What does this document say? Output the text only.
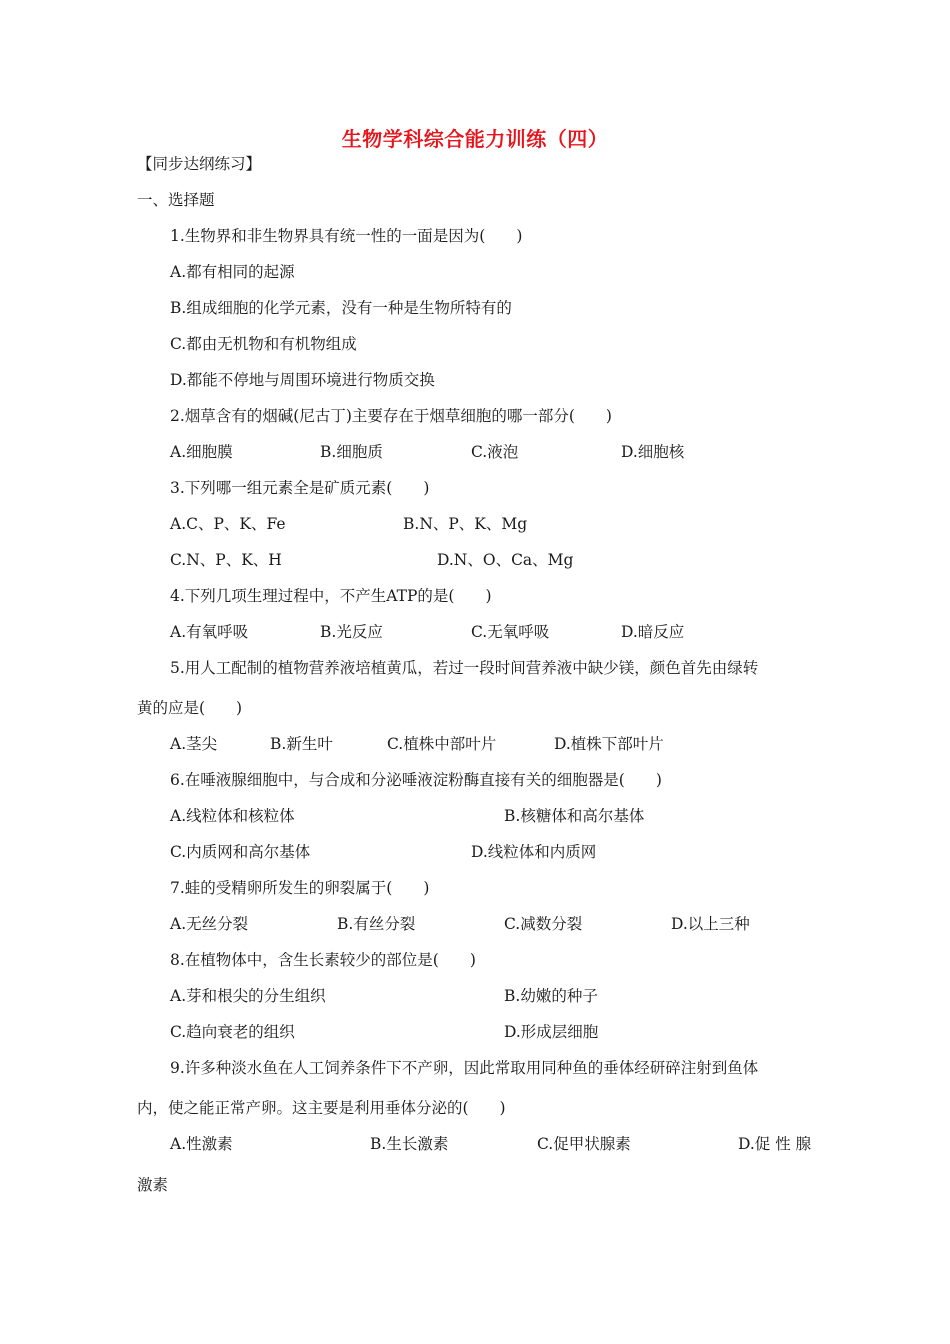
生物学科综合能力训练（四）
【同步达纲练习】
一、选择题
1.生物界和非生物界具有统一性的一面是因为(　　)
A.都有相同的起源
B.组成细胞的化学元素，没有一种是生物所特有的
C.都由无机物和有机物组成
D.都能不停地与周围环境进行物质交换
2.烟草含有的烟碱(尼古丁)主要存在于烟草细胞的哪一部分(　　)
A.细胞膜	B.细胞质	C.液泡	D.细胞核
3.下列哪一组元素全是矿质元素(　　)
A.C、P、K、Fe	B.N、P、K、Mg
C.N、P、K、H	D.N、O、Ca、Mg
4.下列几项生理过程中，不产生ATP的是(　　)
A.有氧呼吸	B.光反应	C.无氧呼吸	D.暗反应
5.用人工配制的植物营养液培植黄瓜，若过一段时间营养液中缺少镁，颜色首先由绿转
黄的应是(　　)
A.茎尖	B.新生叶	C.植株中部叶片	D.植株下部叶片
6.在唾液腺细胞中，与合成和分泌唾液淀粉酶直接有关的细胞器是(　　)
A.线粒体和核粒体	B.核糖体和高尔基体
C.内质网和高尔基体	D.线粒体和内质网
7.蛙的受精卵所发生的卵裂属于(　　)
A.无丝分裂	B.有丝分裂	C.减数分裂	D.以上三种
8.在植物体中，含生长素较少的部位是(　　)
A.芽和根尖的分生组织	B.幼嫩的种子
C.趋向衰老的组织	D.形成层细胞
9.许多种淡水鱼在人工饲养条件下不产卵，因此常取用同种鱼的垂体经研碎注射到鱼体
内，使之能正常产卵。这主要是利用垂体分泌的(　　)
A.性激素	B.生长激素	C.促甲状腺素	D.促 性 腺
激素
